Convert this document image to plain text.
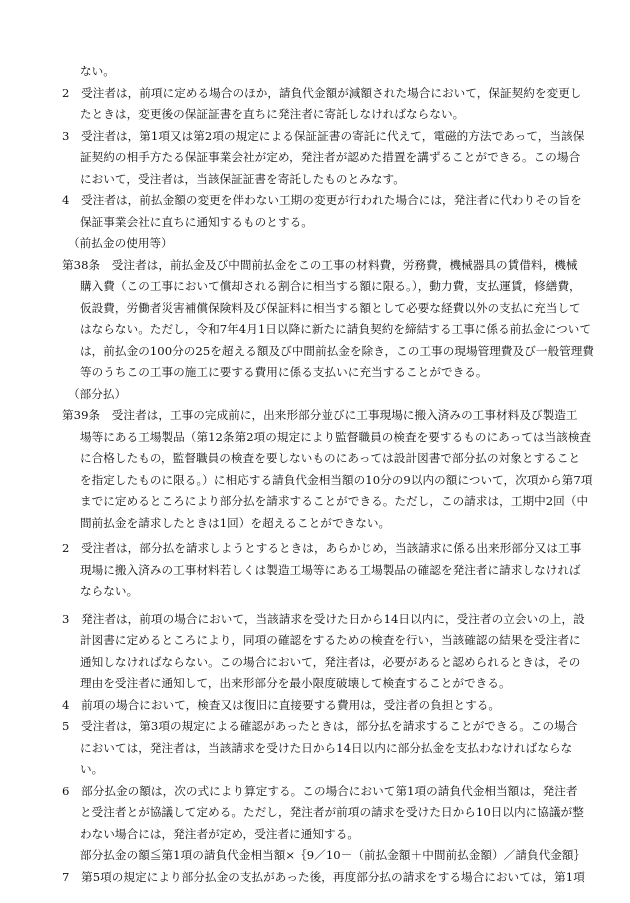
ない。
2　受注者は，前項に定める場合のほか，請負代金額が減額された場合において，保証契約を変更し
たときは，変更後の保証証書を直ちに発注者に寄託しなければならない。
3　受注者は，第1項又は第2項の規定による保証証書の寄託に代えて，電磁的方法であって，当該保
証契約の相手方たる保証事業会社が定め，発注者が認めた措置を講ずることができる。この場合
において，受注者は，当該保証証書を寄託したものとみなす。
4　受注者は，前払金額の変更を伴わない工期の変更が行われた場合には，発注者に代わりその旨を
保証事業会社に直ちに通知するものとする。
（前払金の使用等）
第38条　受注者は，前払金及び中間前払金をこの工事の材料費，労務費，機械器具の賃借料，機械
購入費（この工事において償却される割合に相当する額に限る。），動力費，支払運賃，修繕費，
仮設費，労働者災害補償保険料及び保証料に相当する額として必要な経費以外の支払に充当して
はならない。ただし，令和7年4月1日以降に新たに請負契約を締結する工事に係る前払金について
は，前払金の100分の25を超える額及び中間前払金を除き，この工事の現場管理費及び一般管理費
等のうちこの工事の施工に要する費用に係る支払いに充当することができる。
（部分払）
第39条　受注者は，工事の完成前に，出来形部分並びに工事現場に搬入済みの工事材料及び製造工
場等にある工場製品（第12条第2項の規定により監督職員の検査を要するものにあっては当該検査
に合格したもの，監督職員の検査を要しないものにあっては設計図書で部分払の対象とすること
を指定したものに限る。）に相応する請負代金相当額の10分の9以内の額について，次項から第7項
までに定めるところにより部分払を請求することができる。ただし，この請求は，工期中2回（中
間前払金を請求したときは1回）を超えることができない。
2　受注者は，部分払を請求しようとするときは，あらかじめ，当該請求に係る出来形部分又は工事
現場に搬入済みの工事材料若しくは製造工場等にある工場製品の確認を発注者に請求しなければ
ならない。
3　発注者は，前項の場合において，当該請求を受けた日から14日以内に，受注者の立会いの上，設
計図書に定めるところにより，同項の確認をするための検査を行い，当該確認の結果を受注者に
通知しなければならない。この場合において，発注者は，必要があると認められるときは，その
理由を受注者に通知して，出来形部分を最小限度破壊して検査することができる。
4　前項の場合において，検査又は復旧に直接要する費用は，受注者の負担とする。
5　受注者は，第3項の規定による確認があったときは，部分払を請求することができる。この場合
においては，発注者は，当該請求を受けた日から14日以内に部分払金を支払わなければならな
い。
6　部分払金の額は，次の式により算定する。この場合において第1項の請負代金相当額は，発注者
と受注者とが協議して定める。ただし，発注者が前項の請求を受けた日から10日以内に協議が整
わない場合には，発注者が定め，受注者に通知する。
部分払金の額≦第1項の請負代金相当額×｛9／10－（前払金額＋中間前払金額）／請負代金額｝
7　第5項の規定により部分払金の支払があった後，再度部分払の請求をする場合においては，第1項
